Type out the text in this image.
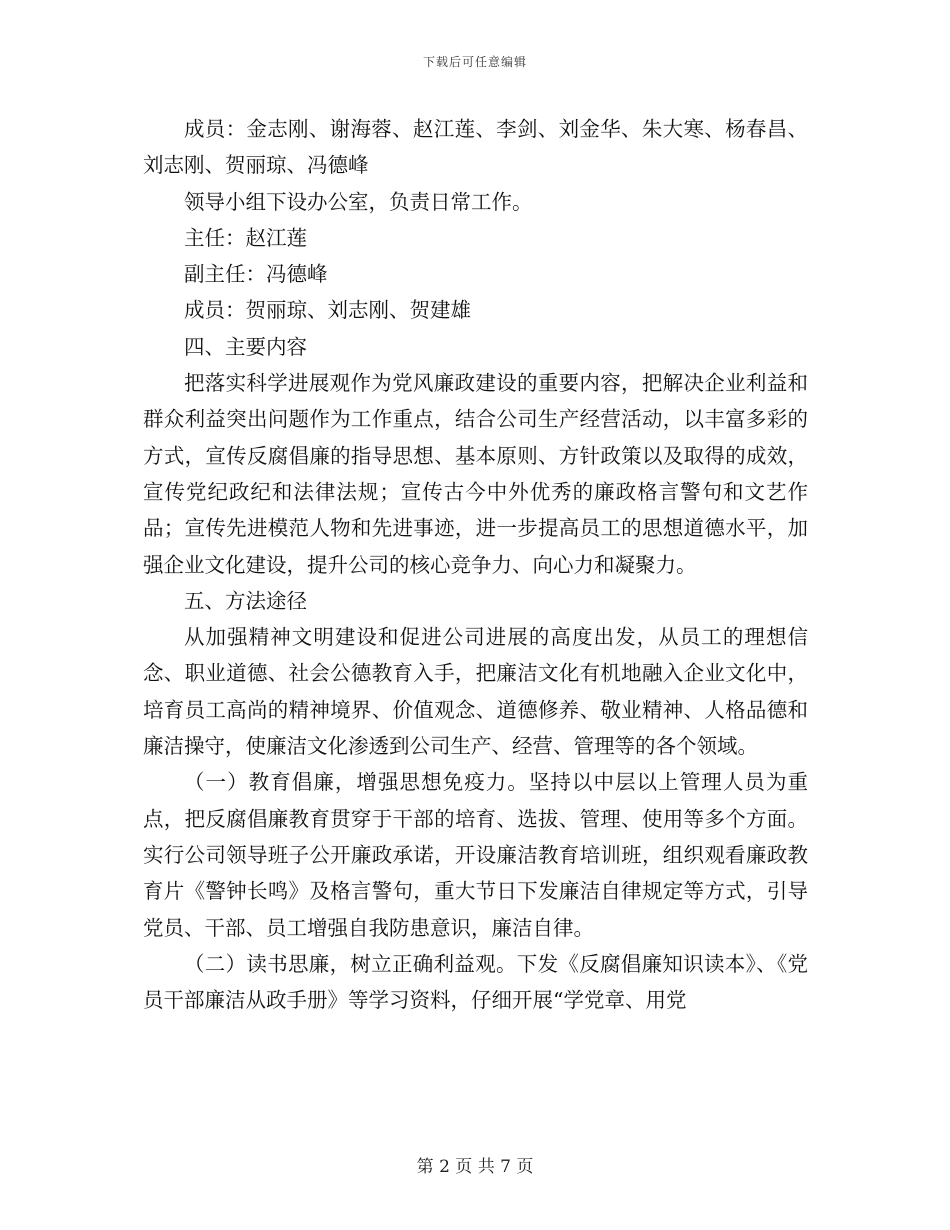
下载后可任意编辑

成员：金志刚、谢海蓉、赵江莲、李剑、刘金华、朱大寒、杨春昌、刘志刚、贺丽琼、冯德峰

领导小组下设办公室，负责日常工作。

主任：赵江莲

副主任：冯德峰

成员：贺丽琼、刘志刚、贺建雄

四、主要内容

把落实科学进展观作为党风廉政建设的重要内容，把解决企业利益和群众利益突出问题作为工作重点，结合公司生产经营活动，以丰富多彩的方式，宣传反腐倡廉的指导思想、基本原则、方针政策以及取得的成效，宣传党纪政纪和法律法规；宣传古今中外优秀的廉政格言警句和文艺作品；宣传先进模范人物和先进事迹，进一步提高员工的思想道德水平，加强企业文化建设，提升公司的核心竞争力、向心力和凝聚力。

五、方法途径

从加强精神文明建设和促进公司进展的高度出发，从员工的理想信念、职业道德、社会公德教育入手，把廉洁文化有机地融入企业文化中，培育员工高尚的精神境界、价值观念、道德修养、敬业精神、人格品德和廉洁操守，使廉洁文化渗透到公司生产、经营、管理等的各个领域。

（一）教育倡廉，增强思想免疫力。坚持以中层以上管理人员为重点，把反腐倡廉教育贯穿于干部的培育、选拔、管理、使用等多个方面。实行公司领导班子公开廉政承诺，开设廉洁教育培训班，组织观看廉政教育片《警钟长鸣》及格言警句，重大节日下发廉洁自律规定等方式，引导党员、干部、员工增强自我防患意识，廉洁自律。

（二）读书思廉，树立正确利益观。下发《反腐倡廉知识读本》、《党员干部廉洁从政手册》等学习资料，仔细开展“学党章、用党

第 2 页 共 7 页
